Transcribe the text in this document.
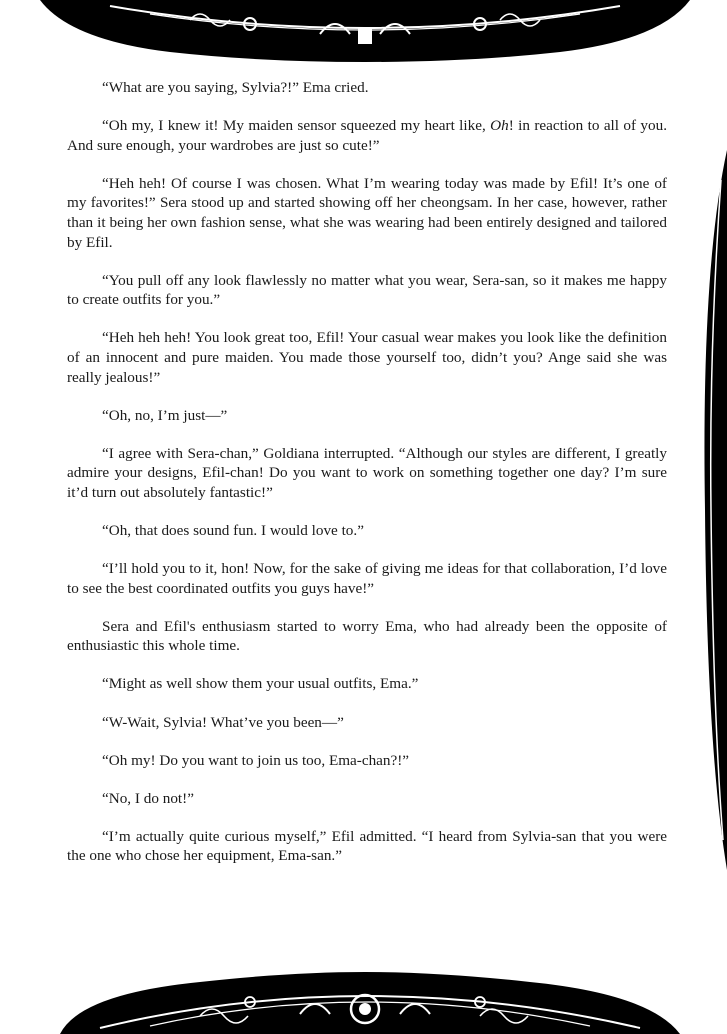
“What are you saying, Sylvia?!” Ema cried.

“Oh my, I knew it! My maiden sensor squeezed my heart like, Oh! in reaction to all of you. And sure enough, your wardrobes are just so cute!”

“Heh heh! Of course I was chosen. What I’m wearing today was made by Efil! It’s one of my favorites!” Sera stood up and started showing off her cheongsam. In her case, however, rather than it being her own fashion sense, what she was wearing had been entirely designed and tailored by Efil.

“You pull off any look flawlessly no matter what you wear, Sera-san, so it makes me happy to create outfits for you.”

“Heh heh heh! You look great too, Efil! Your casual wear makes you look like the definition of an innocent and pure maiden. You made those yourself too, didn’t you? Ange said she was really jealous!”

“Oh, no, I’m just—”

“I agree with Sera-chan,” Goldiana interrupted. “Although our styles are different, I greatly admire your designs, Efil-chan! Do you want to work on something together one day? I’m sure it’d turn out absolutely fantastic!”

“Oh, that does sound fun. I would love to.”

“I’ll hold you to it, hon! Now, for the sake of giving me ideas for that collaboration, I’d love to see the best coordinated outfits you guys have!”

Sera and Efil's enthusiasm started to worry Ema, who had already been the opposite of enthusiastic this whole time.

“Might as well show them your usual outfits, Ema.”

“W-Wait, Sylvia! What’ve you been—”

“Oh my! Do you want to join us too, Ema-chan?!”

“No, I do not!”

“I’m actually quite curious myself,” Efil admitted. “I heard from Sylvia-san that you were the one who chose her equipment, Ema-san.”
